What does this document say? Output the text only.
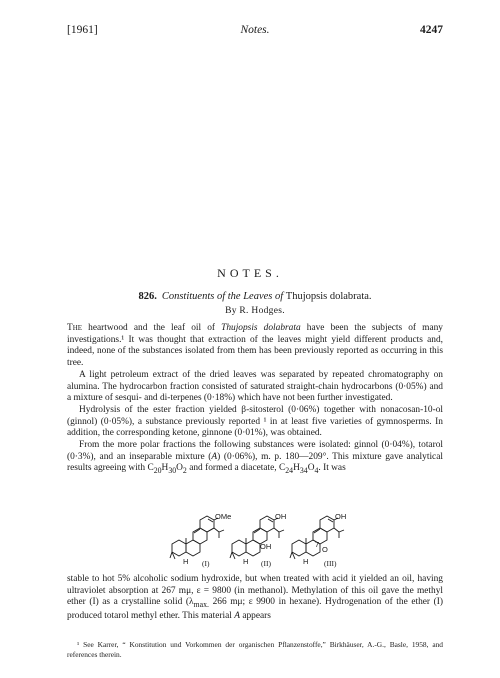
[1961]	Notes.	4247
NOTES.
826. Constituents of the Leaves of Thujopsis dolabrata.
By R. Hodges.

The heartwood and the leaf oil of Thujopsis dolabrata have been the subjects of many investigations.¹ It was thought that extraction of the leaves might yield different products and, indeed, none of the substances isolated from them has been previously reported as occurring in this tree.

A light petroleum extract of the dried leaves was separated by repeated chromatography on alumina. The hydrocarbon fraction consisted of saturated straight-chain hydrocarbons (0·05%) and a mixture of sesqui- and di-terpenes (0·18%) which have not been further investigated.

Hydrolysis of the ester fraction yielded β-sitosterol (0·06%) together with nonacosan-10-ol (ginnol) (0·05%), a substance previously reported ¹ in at least five varieties of gymnosperms. In addition, the corresponding ketone, ginnone (0·01%), was obtained.

From the more polar fractions the following substances were isolated: ginnol (0·04%), totarol (0·3%), and an inseparable mixture (A) (0·06%), m. p. 180—209°. This mixture gave analytical results agreeing with $C_{20}H_{30}O_2$ and formed a diacetate, $C_{24}H_{34}O_4$. It was

OMe	OH
OH
OH
O
7
H	H	H
(I)	(II)	(III)

stable to hot 5% alcoholic sodium hydroxide, but when treated with acid it yielded an oil, having ultraviolet absorption at 267 mμ, ε = 9800 (in methanol). Methylation of this oil gave the methyl ether (I) as a crystalline solid ($\lambda_{max.}$ 266 mμ; ε 9900 in hexane). Hydrogenation of the ether (I) produced totarol methyl ether. This material A appears

¹ See Karrer, “ Konstitution und Vorkommen der organischen Pflanzenstoffe,” Birkhäuser, A.-G., Basle, 1958, and references therein.
